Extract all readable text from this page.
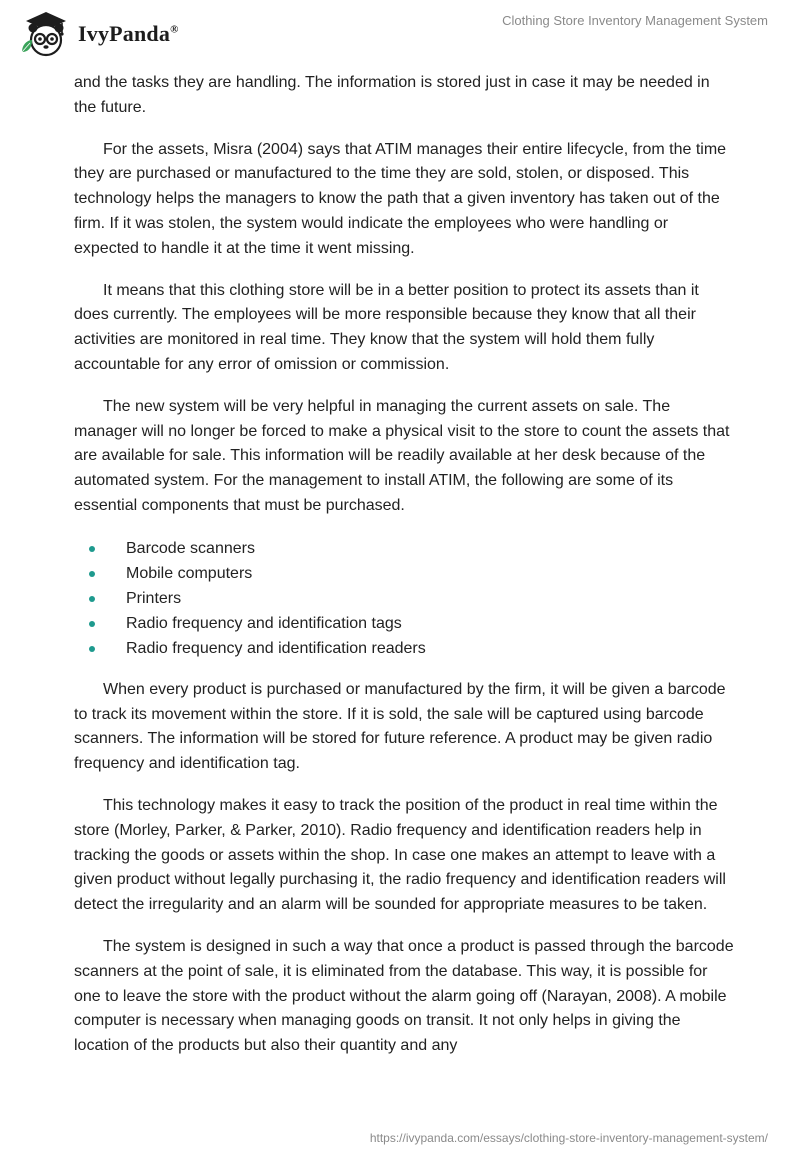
IvyPanda®
Clothing Store Inventory Management System

and the tasks they are handling. The information is stored just in case it may be needed in the future.

For the assets, Misra (2004) says that ATIM manages their entire lifecycle, from the time they are purchased or manufactured to the time they are sold, stolen, or disposed. This technology helps the managers to know the path that a given inventory has taken out of the firm. If it was stolen, the system would indicate the employees who were handling or expected to handle it at the time it went missing.

It means that this clothing store will be in a better position to protect its assets than it does currently. The employees will be more responsible because they know that all their activities are monitored in real time. They know that the system will hold them fully accountable for any error of omission or commission.

The new system will be very helpful in managing the current assets on sale. The manager will no longer be forced to make a physical visit to the store to count the assets that are available for sale. This information will be readily available at her desk because of the automated system. For the management to install ATIM, the following are some of its essential components that must be purchased.

Barcode scanners
Mobile computers
Printers
Radio frequency and identification tags
Radio frequency and identification readers

When every product is purchased or manufactured by the firm, it will be given a barcode to track its movement within the store. If it is sold, the sale will be captured using barcode scanners. The information will be stored for future reference. A product may be given radio frequency and identification tag.

This technology makes it easy to track the position of the product in real time within the store (Morley, Parker, & Parker, 2010). Radio frequency and identification readers help in tracking the goods or assets within the shop. In case one makes an attempt to leave with a given product without legally purchasing it, the radio frequency and identification readers will detect the irregularity and an alarm will be sounded for appropriate measures to be taken.

The system is designed in such a way that once a product is passed through the barcode scanners at the point of sale, it is eliminated from the database. This way, it is possible for one to leave the store with the product without the alarm going off (Narayan, 2008). A mobile computer is necessary when managing goods on transit. It not only helps in giving the location of the products but also their quantity and any

https://ivypanda.com/essays/clothing-store-inventory-management-system/
